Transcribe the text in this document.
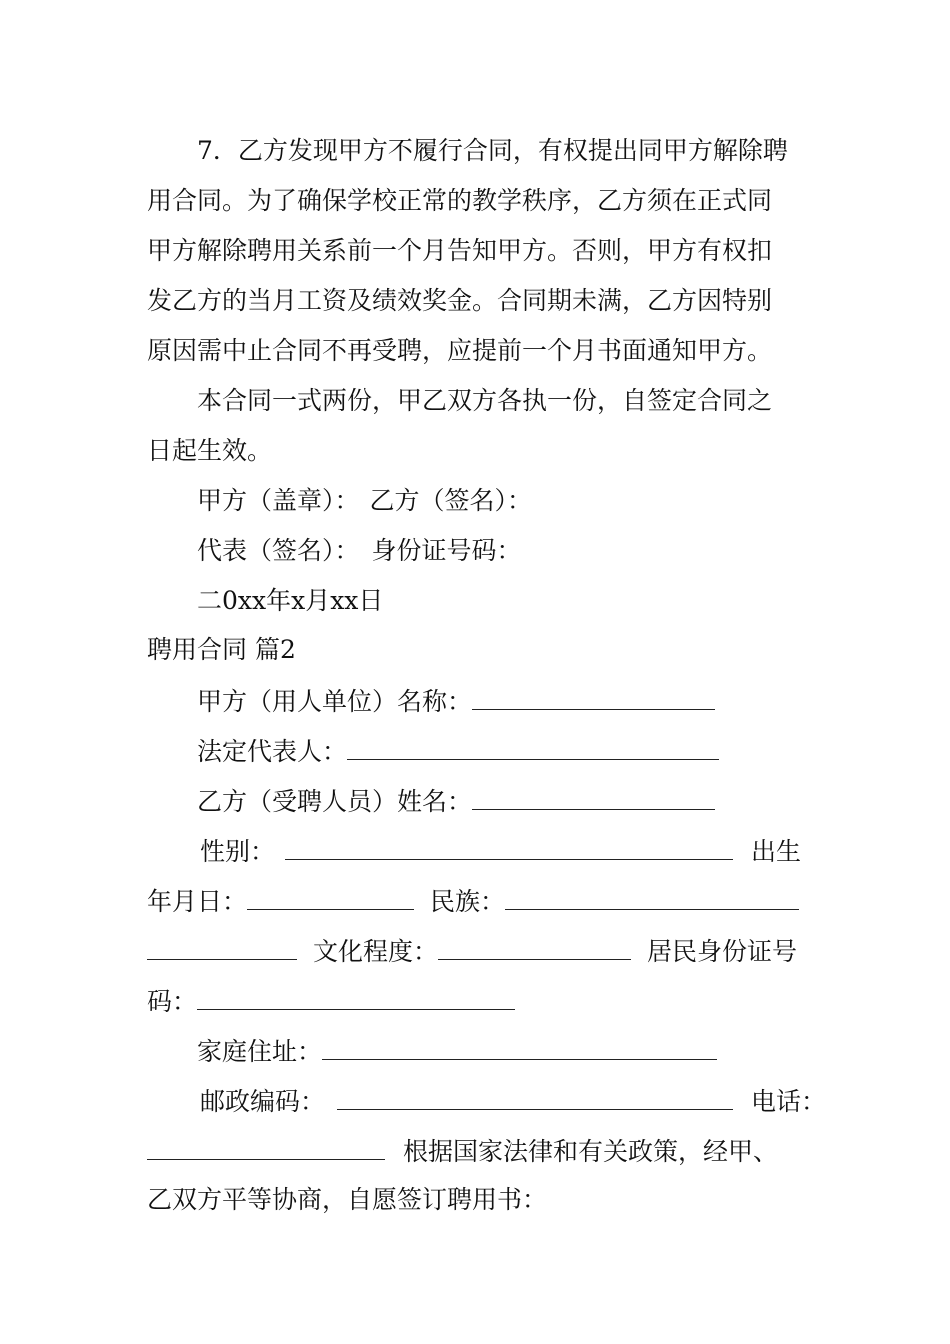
7．乙方发现甲方不履行合同，有权提出同甲方解除聘
用合同。为了确保学校正常的教学秩序，乙方须在正式同
甲方解除聘用关系前一个月告知甲方。否则，甲方有权扣
发乙方的当月工资及绩效奖金。合同期未满，乙方因特别
原因需中止合同不再受聘，应提前一个月书面通知甲方。
本合同一式两份，甲乙双方各执一份，自签定合同之
日起生效。
甲方（盖章）： 乙方（签名）：
代表（签名）： 身份证号码：
二0xx年x月xx日
聘用合同 篇2
甲方（用人单位）名称：
法定代表人：
乙方（受聘人员）姓名：
性别：	出生
年月日：	民族：
文化程度：	居民身份证号
码：
家庭住址：
邮政编码：	电话：
根据国家法律和有关政策，经甲、
乙双方平等协商，自愿签订聘用书：
